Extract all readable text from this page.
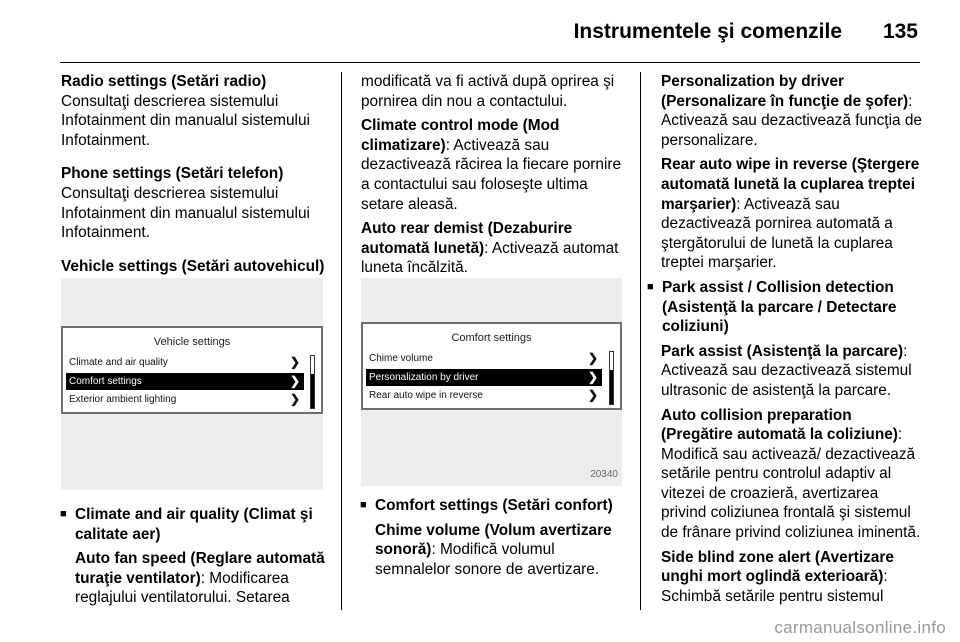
Instrumentele şi comenzile 135
Radio settings (Setări radio)
Consultaţi descrierea sistemului Infotainment din manualul sistemului Infotainment.
Phone settings (Setări telefon)
Consultaţi descrierea sistemului Infotainment din manualul sistemului Infotainment.
Vehicle settings (Setări autovehicul)
Vehicle settings
Climate and air quality	❯
Comfort settings	❯
Exterior ambient lighting	❯
■ Climate and air quality (Climat şi calitate aer)
Auto fan speed (Reglare automată turaţie ventilator): Modificarea reglajului ventilatorului. Setarea
modificată va fi activă după oprirea şi pornirea din nou a contactului.
Climate control mode (Mod climatizare): Activează sau dezactivează răcirea la fiecare pornire a contactului sau foloseşte ultima setare aleasă.
Auto rear demist (Dezaburire automată lunetă): Activează automat luneta încălzită.
Comfort settings
Chime volume	❯
Personalization by driver	❯
Rear auto wipe in reverse	❯
20340
■ Comfort settings (Setări confort)
Chime volume (Volum avertizare sonoră): Modifică volumul semnalelor sonore de avertizare.
Personalization by driver (Personalizare în funcţie de şofer): Activează sau dezactivează funcţia de personalizare.
Rear auto wipe in reverse (Ştergere automată lunetă la cuplarea treptei marşarier): Activează sau dezactivează pornirea automată a ştergătorului de lunetă la cuplarea treptei marşarier.
■ Park assist / Collision detection (Asistenţă la parcare / Detectare coliziuni)
Park assist (Asistenţă la parcare): Activează sau dezactivează sistemul ultrasonic de asistenţă la parcare.
Auto collision preparation (Pregătire automată la coliziune): Modifică sau activează/ dezactivează setările pentru controlul adaptiv al vitezei de croazieră, avertizarea privind coliziunea frontală şi sistemul de frânare privind coliziunea iminentă.
Side blind zone alert (Avertizare unghi mort oglindă exterioară): Schimbă setările pentru sistemul
carmanualsonline.info
